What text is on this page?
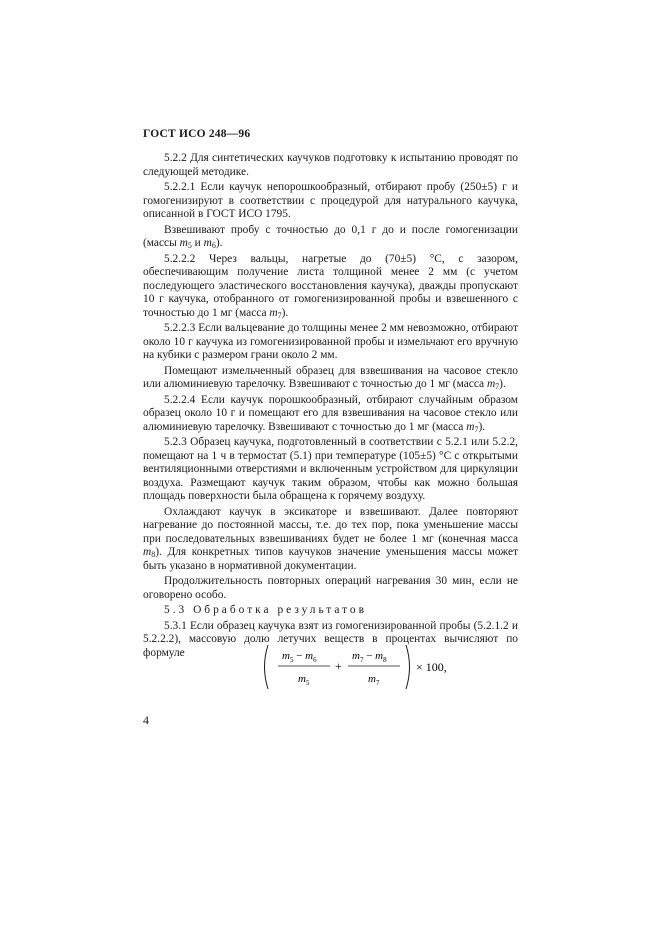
ГОСТ ИСО 248—96

5.2.2 Для синтетических каучуков подготовку к испытанию проводят по следующей методике.

5.2.2.1 Если каучук непорошкообразный, отбирают пробу (250±5) г и гомогенизируют в соответствии с процедурой для натурального каучука, описанной в ГОСТ ИСО 1795.

Взвешивают пробу с точностью до 0,1 г до и после гомогенизации (массы $m_5$ и $m_6$).

5.2.2.2 Через вальцы, нагретые до (70±5) °С, с зазором, обеспечивающим получение листа толщиной менее 2 мм (с учетом последующего эластического восстановления каучука), дважды пропускают 10 г каучука, отобранного от гомогенизированной пробы и взвешенного с точностью до 1 мг (масса $m_7$).

5.2.2.3 Если вальцевание до толщины менее 2 мм невозможно, отбирают около 10 г каучука из гомогенизированной пробы и измельчают его вручную на кубики с размером грани около 2 мм.

Помещают измельченный образец для взвешивания на часовое стекло или алюминиевую тарелочку. Взвешивают с точностью до 1 мг (масса $m_7$).

5.2.2.4 Если каучук порошкообразный, отбирают случайным образом образец около 10 г и помещают его для взвешивания на часовое стекло или алюминиевую тарелочку. Взвешивают с точностью до 1 мг (масса $m_7$).

5.2.3 Образец каучука, подготовленный в соответствии с 5.2.1 или 5.2.2, помещают на 1 ч в термостат (5.1) при температуре (105±5) °С с открытыми вентиляционными отверстиями и включенным устройством для циркуляции воздуха. Размещают каучук таким образом, чтобы как можно большая площадь поверхности была обращена к горячему воздуху.

Охлаждают каучук в эксикаторе и взвешивают. Далее повторяют нагревание до постоянной массы, т.е. до тех пор, пока уменьшение массы при последовательных взвешиваниях будет не более 1 мг (конечная масса $m_8$). Для конкретных типов каучуков значение уменьшения массы может быть указано в нормативной документации.

Продолжительность повторных операций нагревания 30 мин, если не оговорено особо.

5.3 Обработка результатов

5.3.1 Если образец каучука взят из гомогенизированной пробы (5.2.1.2 и 5.2.2.2), массовую долю летучих веществ в процентах вычисляют по формуле	$m_5 - m_6$
$m_5$
+
$m_7 - m_8$
$m_7$
× 100,
4
